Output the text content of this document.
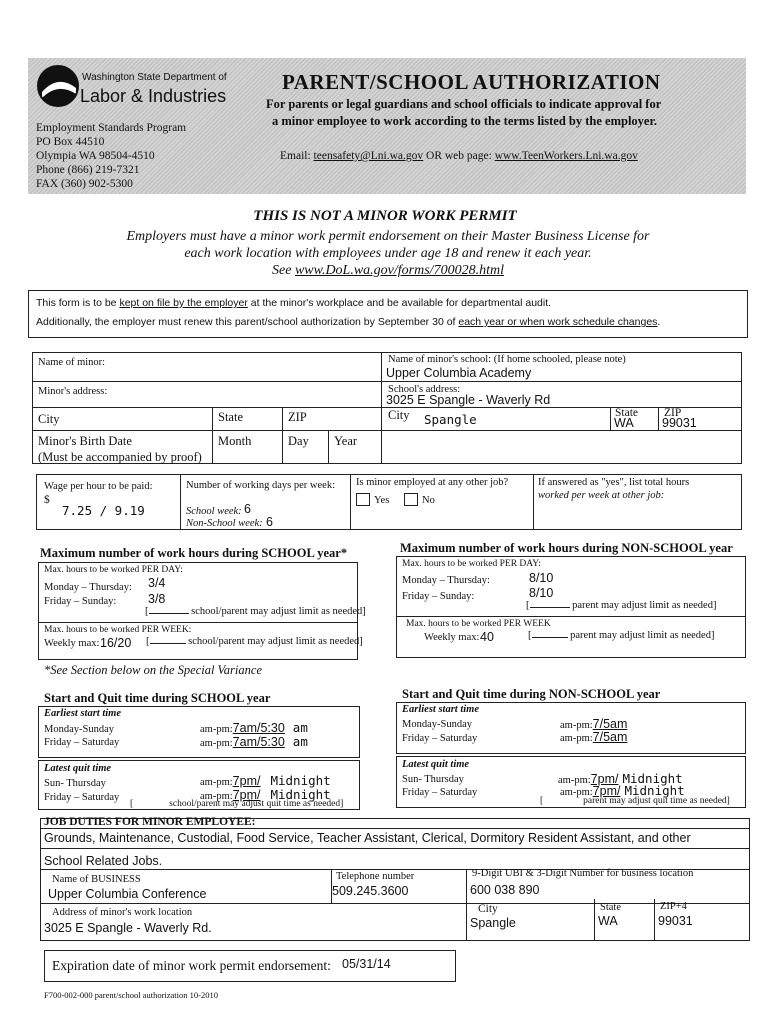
Washington State Department of
Labor & Industries
Employment Standards Program
PO Box 44510
Olympia WA 98504-4510
Phone (866) 219-7321
FAX (360) 902-5300
PARENT/SCHOOL AUTHORIZATION
For parents or legal guardians and school officials to indicate approval for
a minor employee to work according to the terms listed by the employer.
Email: teensafety@Lni.wa.gov OR web page: www.TeenWorkers.Lni.wa.gov
THIS IS NOT A MINOR WORK PERMIT
Employers must have a minor work permit endorsement on their Master Business License for
each work location with employees under age 18 and renew it each year.
See www.DoL.wa.gov/forms/700028.html
This form is to be kept on file by the employer at the minor's workplace and be available for departmental audit.
Additionally, the employer must renew this parent/school authorization by September 30 of each year or when work schedule changes.
Name of minor:
Minor's address:
City	State	ZIP
Minor's Birth Date
(Must be accompanied by proof)
Month	Day Year
Name of minor's school: (If home schooled, please note)
Upper Columbia Academy
School's address:
3025 E Spangle - Waverly Rd
City Spangle	State
WA
ZIP
99031
Wage per hour to be paid:
$
7.25 / 9.19
Number of working days per week:
School week: 6
Non-School week: 6
Is minor employed at any other job?
Yes	No
If answered as "yes", list total hours
worked per week at other job:
Maximum number of work hours during SCHOOL year*
Max. hours to be worked PER DAY:
Monday – Thursday: 3/4
Friday – Sunday:	3/8
[	school/parent may adjust limit as needed]
Max. hours to be worked PER WEEK:
Weekly max: 16/20 [	school/parent may adjust limit as needed]
Maximum number of work hours during NON-SCHOOL year
Max. hours to be worked PER DAY:
Monday – Thursday:	8/10
Friday – Sunday:	8/10
[	parent may adjust limit as needed]
Max. hours to be worked PER WEEK
Weekly max: 40	[	parent may adjust limit as needed]
*See Section below on the Special Variance
Start and Quit time during SCHOOL year
Earliest start time
Monday-Sunday
Friday – Saturday
am-pm:7am/5:30 am
am-pm:7am/5:30 am
Latest quit time
Sun- Thursday
Friday – Saturday
am-pm:7pm/ Midnight
am-pm:7pm/ Midnight
[	school/parent may adjust quit time as needed]
Start and Quit time during NON-SCHOOL year
Earliest start time
Monday-Sunday
Friday – Saturday
am-pm:7/5am
am-pm:7/5am
Latest quit time
Sun- Thursday
Friday – Saturday
am-pm:7pm/ Midnight
am-pm:7pm/ Midnight
[	parent may adjust quit time as needed]
JOB DUTIES FOR MINOR EMPLOYEE:
Grounds, Maintenance, Custodial, Food Service, Teacher Assistant, Clerical, Dormitory Resident Assistant, and other
School Related Jobs.
Name of BUSINESS
Upper Columbia Conference
Telephone number
509.245.3600
9-Digit UBI & 3-Digit Number for business location
600 038 890
Address of minor's work location
3025 E Spangle - Waverly Rd.
City
Spangle
State
WA
ZIP+4
99031
Expiration date of minor work permit endorsement: 05/31/14
F700-002-000 parent/school authorization 10-2010
